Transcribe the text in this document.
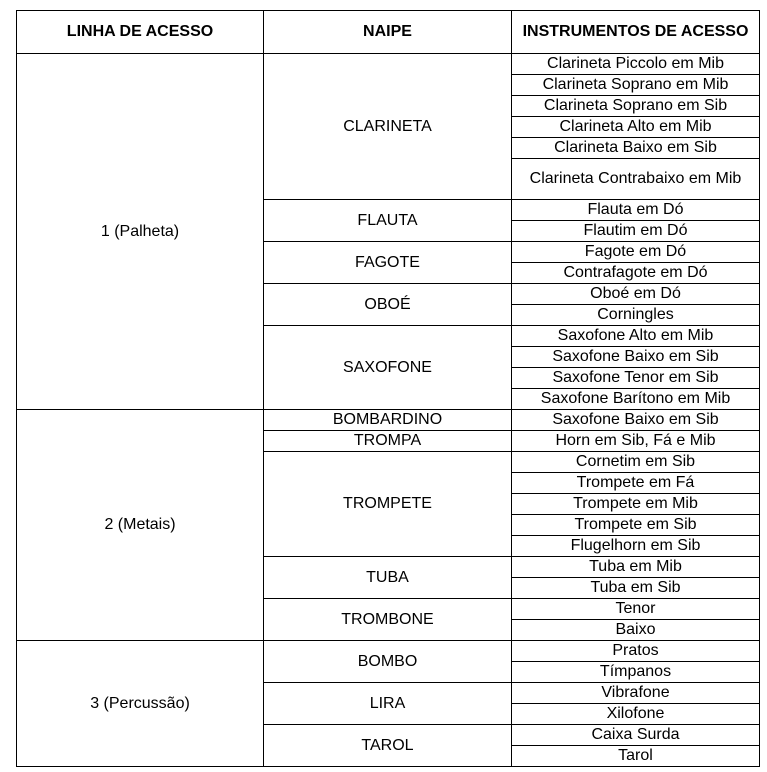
LINHA DE ACESSO	NAIPE	INSTRUMENTOS DE ACESSO
1 (Palheta)	CLARINETA	Clarineta Piccolo em Mib
		Clarineta Soprano em Mib
		Clarineta Soprano em Sib
		Clarineta Alto em Mib
		Clarineta Baixo em Sib
		Clarineta Contrabaixo em Mib
	FLAUTA	Flauta em Dó
		Flautim em Dó
	FAGOTE	Fagote em Dó
		Contrafagote em Dó
	OBOÉ	Oboé em Dó
		Corningles
	SAXOFONE	Saxofone Alto em Mib
		Saxofone Baixo em Sib
		Saxofone Tenor em Sib
		Saxofone Barítono em Mib
2 (Metais)	BOMBARDINO	Saxofone Baixo em Sib
	TROMPA	Horn em Sib, Fá e Mib
	TROMPETE	Cornetim em Sib
		Trompete em Fá
		Trompete em Mib
		Trompete em Sib
		Flugelhorn em Sib
	TUBA	Tuba em Mib
		Tuba em Sib
	TROMBONE	Tenor
		Baixo
3 (Percussão)	BOMBO	Pratos
		Tímpanos
	LIRA	Vibrafone
		Xilofone
	TAROL	Caixa Surda
		Tarol
